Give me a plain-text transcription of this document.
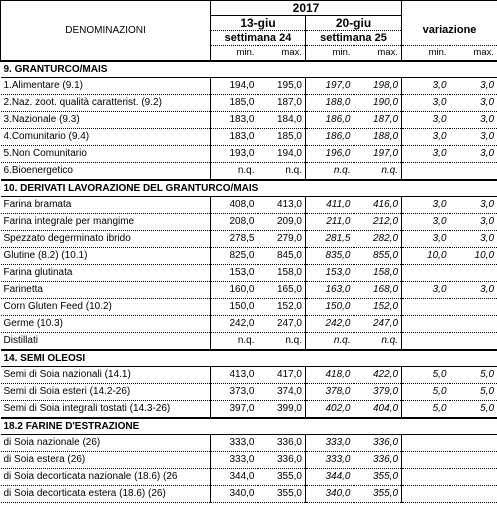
DENOMINAZIONI	2017					
	13-giu		20-giu		variazione	
	settimana 24		settimana 25			
	min.	max.	min.	max.	min.	max.
9. GRANTURCO/MAIS						
1.Alimentare (9.1)	194,0	195,0	197,0	198,0	3,0	3,0
2.Naz. zoot. qualità caratterist. (9.2)	185,0	187,0	188,0	190,0	3,0	3,0
3.Nazionale (9.3)	183,0	184,0	186,0	187,0	3,0	3,0
4.Comunitario (9.4)	183,0	185,0	186,0	188,0	3,0	3,0
5.Non Comunitario	193,0	194,0	196,0	197,0	3,0	3,0
6.Bioenergetico	n.q.	n.q.	n.q.	n.q.		
10. DERIVATI LAVORAZIONE DEL GRANTURCO/MAIS						
Farina bramata	408,0	413,0	411,0	416,0	3,0	3,0
Farina integrale per mangime	208,0	209,0	211,0	212,0	3,0	3,0
Spezzato degerminato ibrido	278,5	279,0	281,5	282,0	3,0	3,0
Glutine (8.2) (10.1)	825,0	845,0	835,0	855,0	10,0	10,0
Farina glutinata	153,0	158,0	153,0	158,0		
Farinetta	160,0	165,0	163,0	168,0	3,0	3,0
Corn Gluten Feed (10.2)	150,0	152,0	150,0	152,0		
Germe (10.3)	242,0	247,0	242,0	247,0		
Distillati	n.q.	n.q.	n.q.	n.q.		
14. SEMI OLEOSI						
Semi di Soia nazionali (14.1)	413,0	417,0	418,0	422,0	5,0	5,0
Semi di Soia esteri (14.2-26)	373,0	374,0	378,0	379,0	5,0	5,0
Semi di Soia integrali tostati (14.3-26)	397,0	399,0	402,0	404,0	5,0	5,0
18.2 FARINE D'ESTRAZIONE						
di Soia nazionale (26)	333,0	336,0	333,0	336,0		
di Soia estera (26)	333,0	336,0	333,0	336,0		
di Soia decorticata nazionale (18.6) (26	344,0	355,0	344,0	355,0		
di Soia decorticata estera (18.6) (26)	340,0	355,0	340,0	355,0		
